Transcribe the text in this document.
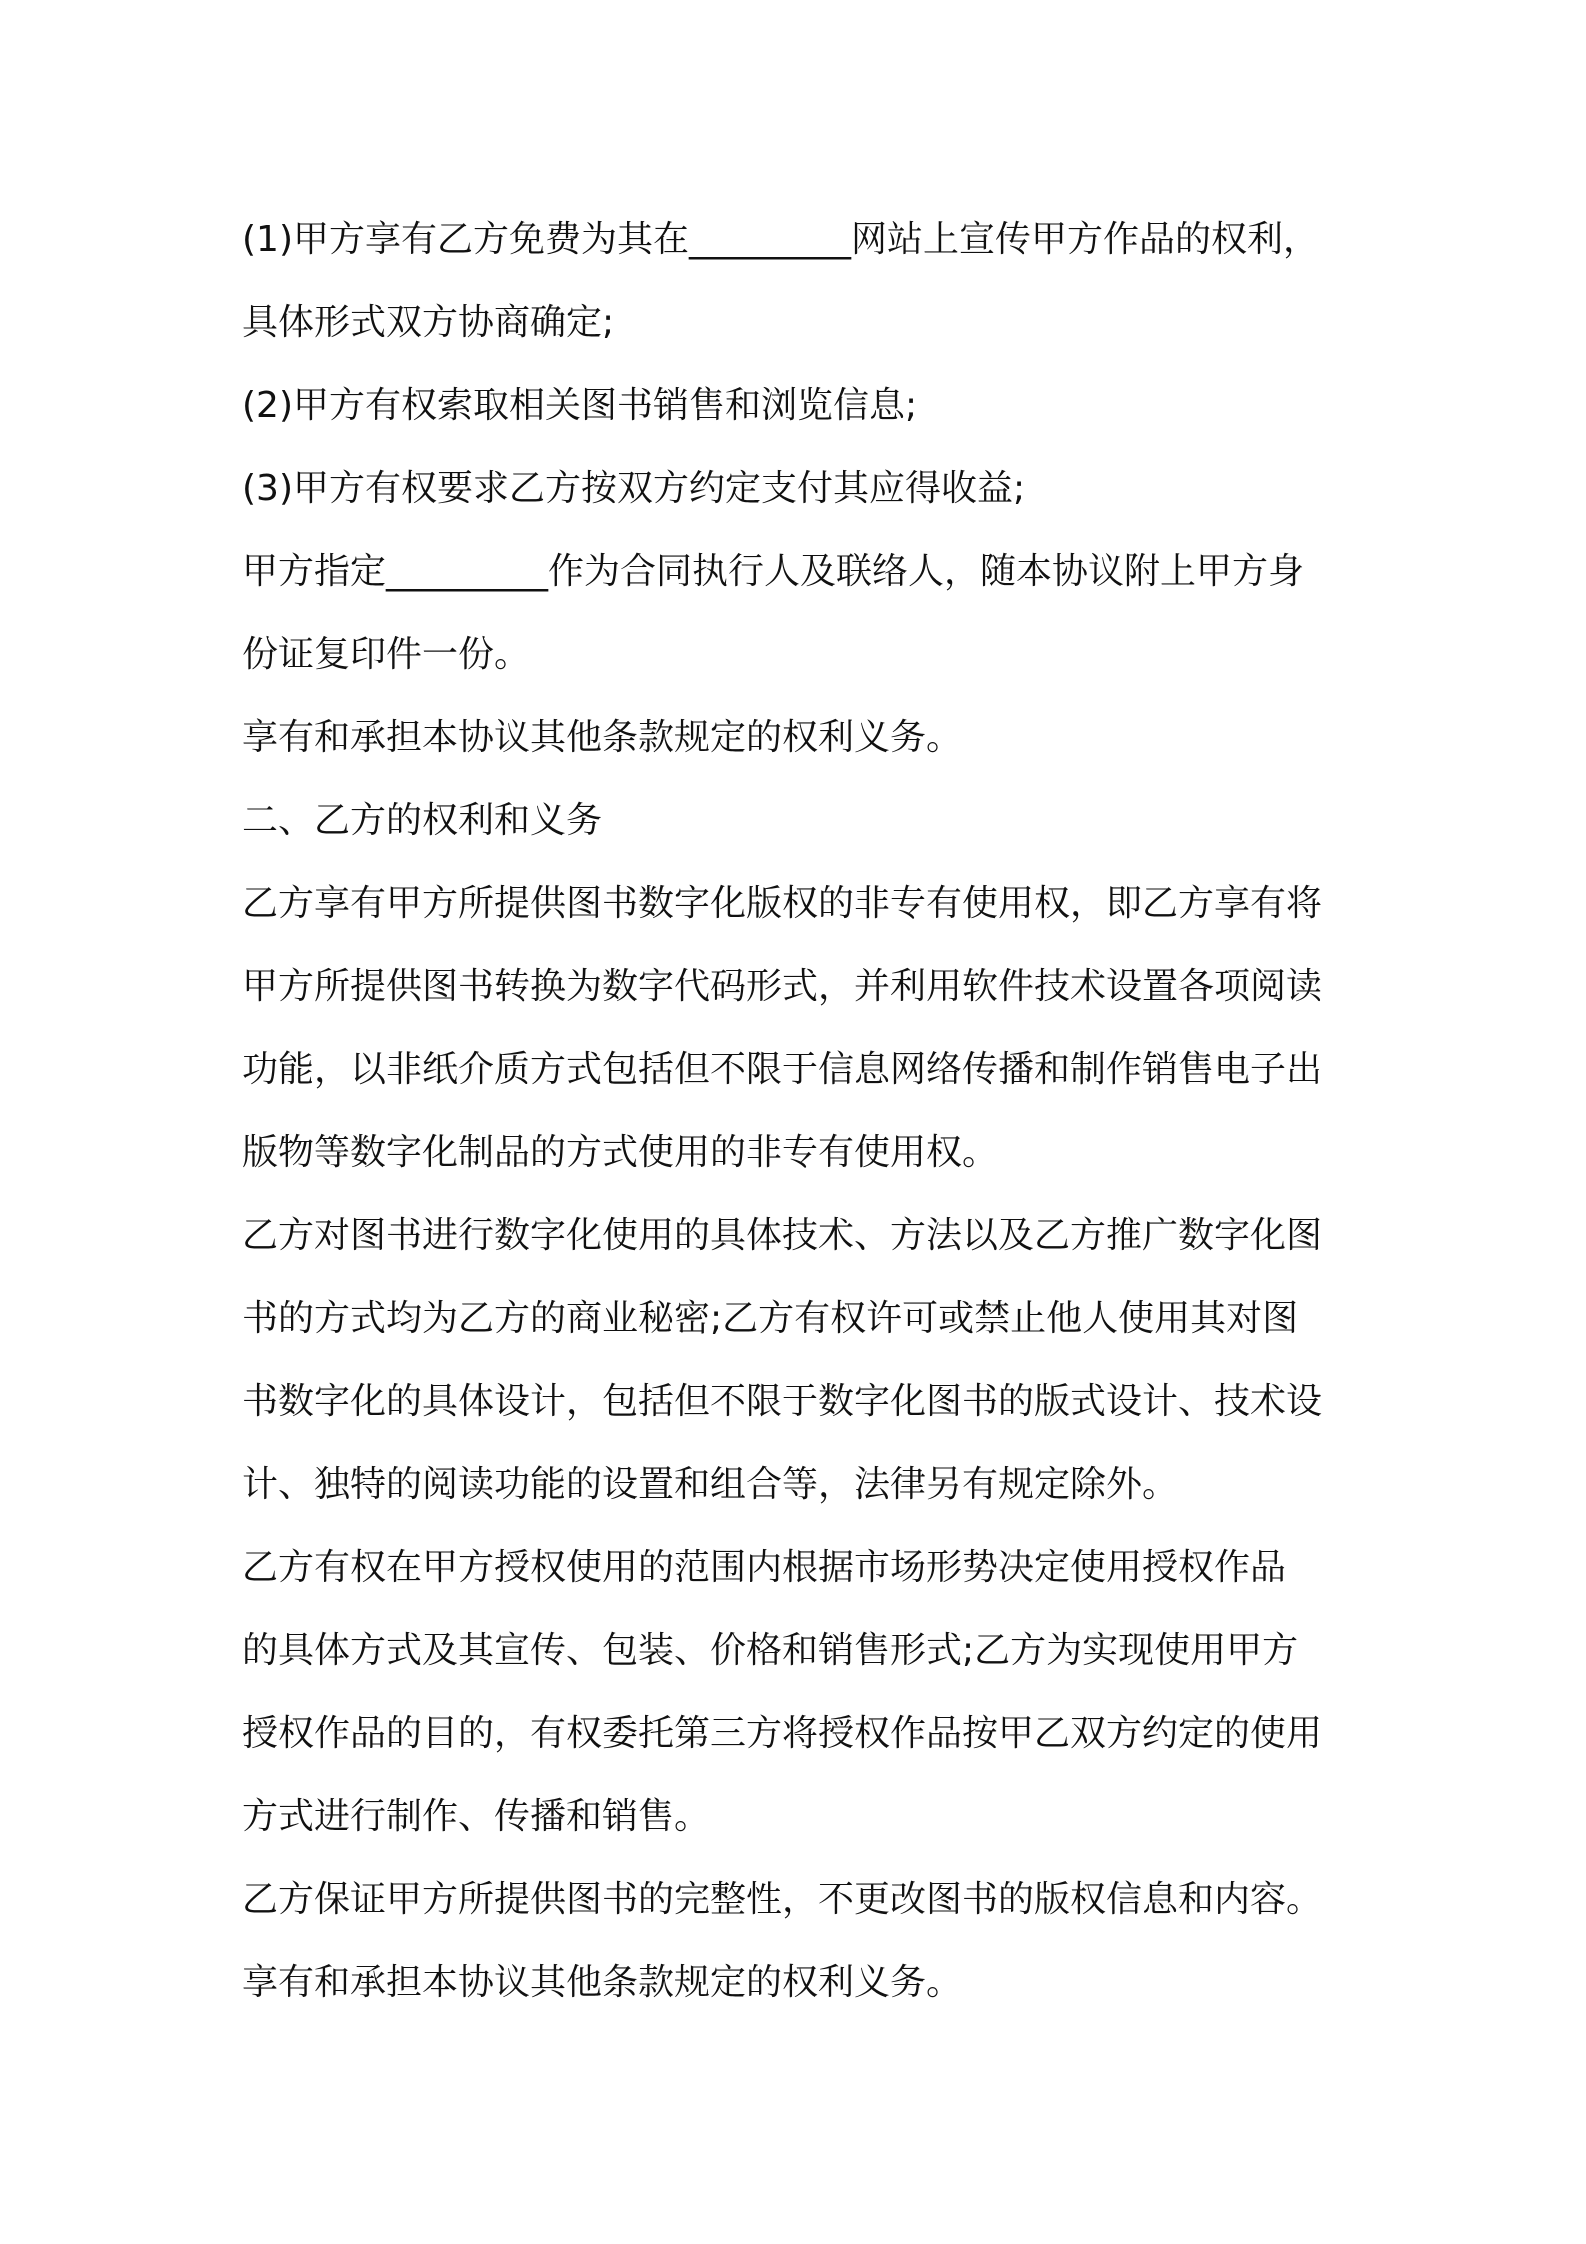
(1)甲方享有乙方免费为其在_________网站上宣传甲方作品的权利，

具体形式双方协商确定;

(2)甲方有权索取相关图书销售和浏览信息;

(3)甲方有权要求乙方按双方约定支付其应得收益;

甲方指定_________作为合同执行人及联络人，随本协议附上甲方身

份证复印件一份。

享有和承担本协议其他条款规定的权利义务。

二、乙方的权利和义务

乙方享有甲方所提供图书数字化版权的非专有使用权，即乙方享有将

甲方所提供图书转换为数字代码形式，并利用软件技术设置各项阅读

功能，以非纸介质方式包括但不限于信息网络传播和制作销售电子出

版物等数字化制品的方式使用的非专有使用权。

乙方对图书进行数字化使用的具体技术、方法以及乙方推广数字化图

书的方式均为乙方的商业秘密;乙方有权许可或禁止他人使用其对图

书数字化的具体设计，包括但不限于数字化图书的版式设计、技术设

计、独特的阅读功能的设置和组合等，法律另有规定除外。

乙方有权在甲方授权使用的范围内根据市场形势决定使用授权作品

的具体方式及其宣传、包装、价格和销售形式;乙方为实现使用甲方

授权作品的目的，有权委托第三方将授权作品按甲乙双方约定的使用

方式进行制作、传播和销售。

乙方保证甲方所提供图书的完整性，不更改图书的版权信息和内容。

享有和承担本协议其他条款规定的权利义务。
